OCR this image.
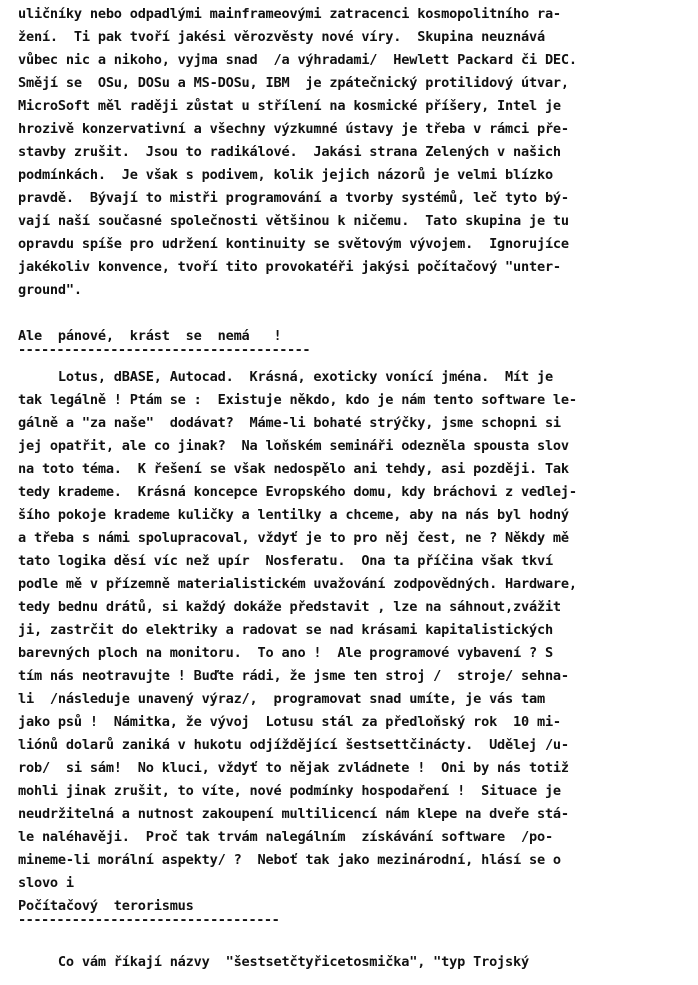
uličníky nebo odpadlými mainframeovými zatracenci kosmopolitního ra-
žení.  Ti pak tvoří jakési věrozvěsty nové víry.  Skupina neuznává
vůbec nic a nikoho, vyjma snad  /a výhradami/  Hewlett Packard či DEC.
Smějí se  OSu, DOSu a MS-DOSu, IBM  je zpátečnický protilidový útvar,
MicroSoft měl raději zůstat u střílení na kosmické příšery, Intel je
hrozivě konzervativní a všechny výzkumné ústavy je třeba v rámci pře-
stavby zrušit.  Jsou to radikálové.  Jakási strana Zelených v našich
podmínkách.  Je však s podivem, kolik jejich názorů je velmi blízko
pravdě.  Bývají to mistři programování a tvorby systémů, leč tyto bý-
vají naší současné společnosti většinou k ničemu.  Tato skupina je tu
opravdu spíše pro udržení kontinuity se světovým vývojem.  Ignorujíce
jakékoliv konvence, tvoří tito provokatéři jakýsi počítačový "unter-
ground".
Ale  pánové,  krást  se  nemá   !
--------------------------------------
Lotus, dBASE, Autocad.  Krásná, exoticky vonící jména.  Mít je
tak legálně ! Ptám se :  Existuje někdo, kdo je nám tento software le-
gálně a "za naše"  dodávat?  Máme-li bohaté strýčky, jsme schopni si
jej opatřit, ale co jinak?  Na loňském semináři odezněla spousta slov
na toto téma.  K řešení se však nedospělo ani tehdy, asi později. Tak
tedy krademe.  Krásná koncepce Evropského domu, kdy bráchovi z vedlej-
šího pokoje krademe kuličky a lentilky a chceme, aby na nás byl hodný
a třeba s námi spolupracoval, vždyť je to pro něj čest, ne ? Někdy mě
tato logika děsí víc než upír  Nosferatu.  Ona ta příčina však tkví
podle mě v přízemně materialistickém uvažování zodpovědných. Hardware,
tedy bednu drátů, si každý dokáže představit , lze na sáhnout,zvážit
ji, zastrčit do elektriky a radovat se nad krásami kapitalistických
barevných ploch na monitoru.  To ano !  Ale programové vybavení ? S
tím nás neotravujte ! Buďte rádi, že jsme ten stroj /  stroje/ sehna-
li  /následuje unavený výraz/,  programovat snad umíte, je vás tam
jako psů !  Námitka, že vývoj  Lotusu stál za předloňský rok  10 mi-
liónů dolarů zaniká v hukotu odjíždějící šestsettčinácty.  Udělej /u-
rob/  si sám!  No kluci, vždyť to nějak zvládnete !  Oni by nás totiž
mohli jinak zrušit, to víte, nové podmínky hospodaření !  Situace je
neudržitelná a nutnost zakoupení multilicencí nám klepe na dveře stá-
le naléhavěji.  Proč tak trvám nalegálním  získávání software  /po-
mineme-li morální aspekty/ ?  Neboť tak jako mezinárodní, hlásí se o
slovo i
Počítačový  terorismus
----------------------------------
Co vám říkají názvy  "šestsetčtyřicetosmička", "typ Trojský
